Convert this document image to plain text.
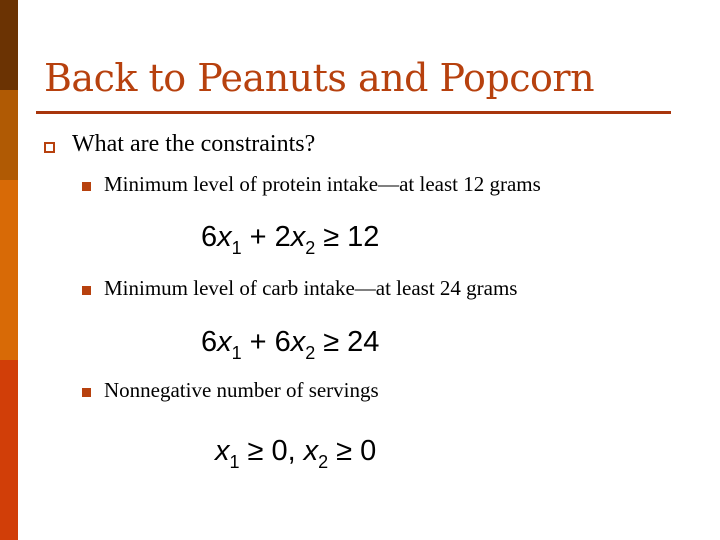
Back to Peanuts and Popcorn
What are the constraints?
Minimum level of protein intake—at least 12 grams
$6x_1 + 2x_2 \ge 12$
Minimum level of carb intake—at least 24 grams
$6x_1 + 6x_2 \ge 24$
Nonnegative number of servings
$x_1 \ge 0$, $x_2 \ge 0$
